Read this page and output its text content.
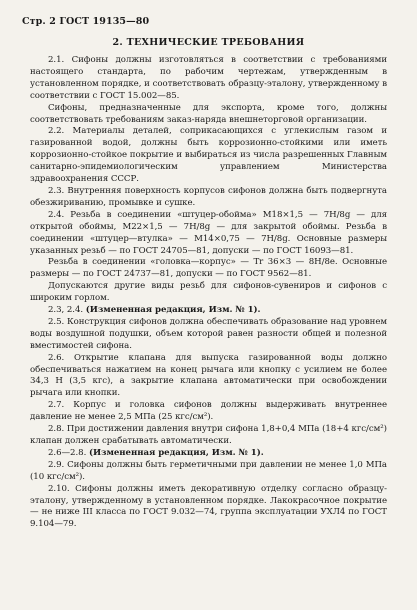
Стр. 2 ГОСТ 19135—80
2. ТЕХНИЧЕСКИЕ ТРЕБОВАНИЯ

2.1. Сифоны должны изготовляться в соответствии с требованиями настоящего стандарта, по рабочим чертежам, утвержденным в установленном порядке, и соответствовать образцу-эталону, утвержденному в соответствии с ГОСТ 15.002—85.

Сифоны, предназначенные для экспорта, кроме того, должны соответствовать требованиям заказ-наряда внешнеторговой организации.

2.2. Материалы деталей, соприкасающихся с углекислым газом и газированной водой, должны быть коррозионно-стойкими или иметь коррозионно-стойкое покрытие и выбираться из числа разрешенных Главным санитарно-эпидемиологическим управлением Министерства здравоохранения СССР.

2.3. Внутренняя поверхность корпусов сифонов должна быть подвергнута обезжириванию, промывке и сушке.

2.4. Резьба в соединении «штуцер-обойма» M18×1,5 — 7H/8g — для открытой обоймы, M22×1,5 — 7H/8g — для закрытой обоймы. Резьба в соединении «штуцер—втулка» — M14×0,75 — 7H/8g. Основные размеры указанных резьб — по ГОСТ 24705—81, допуски — по ГОСТ 16093—81.

Резьба в соединении «головка—корпус» — Tr 36×3 — 8H/8e. Основные размеры — по ГОСТ 24737—81, допуски — по ГОСТ 9562—81.

Допускаются другие виды резьб для сифонов-сувениров и сифонов с широким горлом.

2.3, 2.4. (Измененная редакция, Изм. № 1).

2.5. Конструкция сифонов должна обеспечивать образование над уровнем воды воздушной подушки, объем которой равен разности общей и полезной вместимостей сифона.

2.6. Открытие клапана для выпуска газированной воды должно обеспечиваться нажатием на конец рычага или кнопку с усилием не более 34,3 Н (3,5 кгс), а закрытие клапана автоматически при освобождении рычага или кнопки.

2.7. Корпус и головка сифонов должны выдерживать внутреннее давление не менее 2,5 МПа (25 кгс/см²).

2.8. При достижении давления внутри сифона 1,8+0,4 МПа (18+4 кгс/см²) клапан должен срабатывать автоматически.

2.6—2.8. (Измененная редакция, Изм. № 1).

2.9. Сифоны должны быть герметичными при давлении не менее 1,0 МПа (10 кгс/см²).

2.10. Сифоны должны иметь декоративную отделку согласно образцу-эталону, утвержденному в установленном порядке. Лакокрасочное покрытие — не ниже III класса по ГОСТ 9.032—74, группа эксплуатации УХЛ4 по ГОСТ 9.104—79.
